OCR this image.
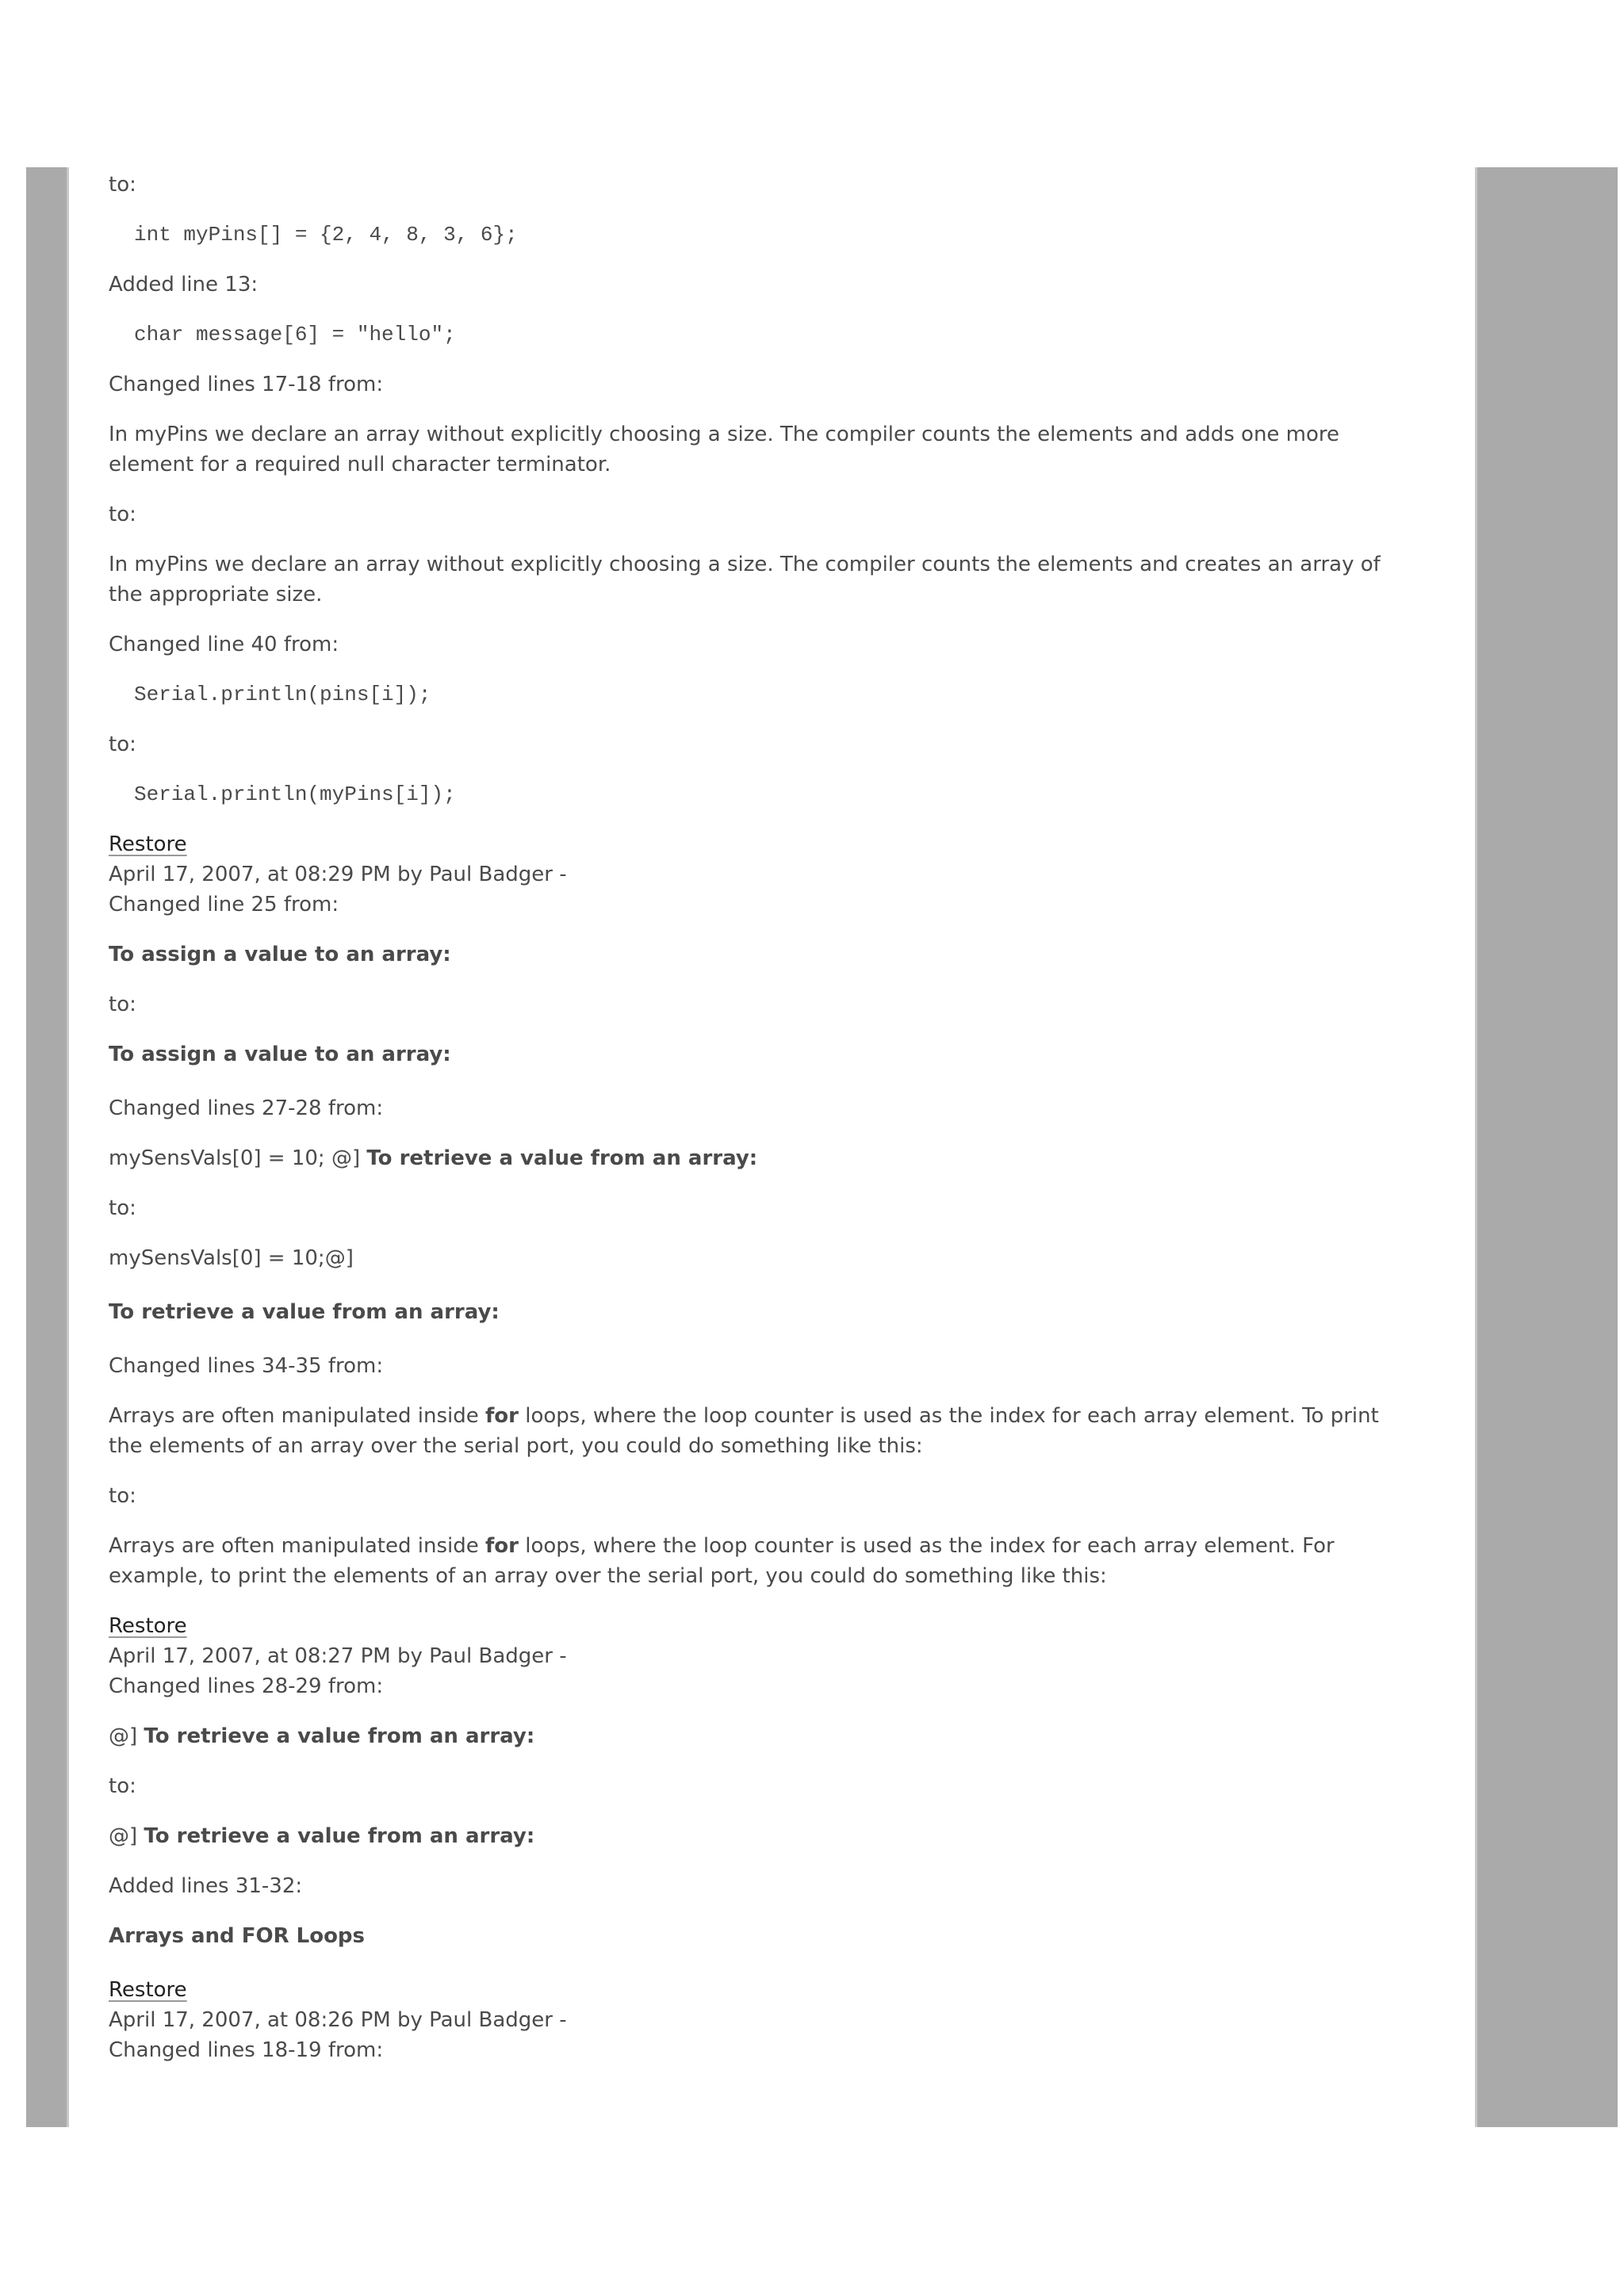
to:

int myPins[] = {2, 4, 8, 3, 6};

Added line 13:

char message[6] = "hello";

Changed lines 17-18 from:

In myPins we declare an array without explicitly choosing a size. The compiler counts the elements and adds one more element for a required null character terminator.

to:

In myPins we declare an array without explicitly choosing a size. The compiler counts the elements and creates an array of the appropriate size.

Changed line 40 from:

Serial.println(pins[i]);

to:

Serial.println(myPins[i]);

Restore

April 17, 2007, at 08:29 PM by Paul Badger -

Changed line 25 from:

To assign a value to an array:

to:

To assign a value to an array:

Changed lines 27-28 from:

mySensVals[0] = 10; @] To retrieve a value from an array:

to:

mySensVals[0] = 10;@]

To retrieve a value from an array:

Changed lines 34-35 from:

Arrays are often manipulated inside for loops, where the loop counter is used as the index for each array element. To print the elements of an array over the serial port, you could do something like this:

to:

Arrays are often manipulated inside for loops, where the loop counter is used as the index for each array element. For example, to print the elements of an array over the serial port, you could do something like this:

Restore

April 17, 2007, at 08:27 PM by Paul Badger -

Changed lines 28-29 from:

@] To retrieve a value from an array:

to:

@] To retrieve a value from an array:

Added lines 31-32:

Arrays and FOR Loops

Restore

April 17, 2007, at 08:26 PM by Paul Badger -

Changed lines 18-19 from:
